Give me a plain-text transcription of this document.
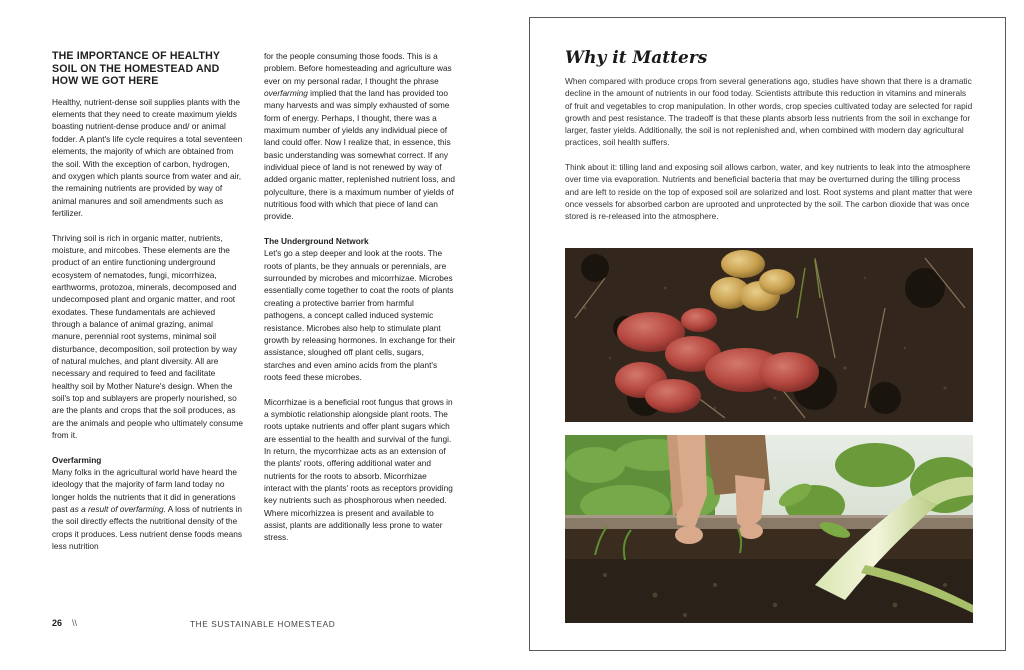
THE IMPORTANCE OF HEALTHY SOIL ON THE HOMESTEAD AND HOW WE GOT HERE

Healthy, nutrient-dense soil supplies plants with the elements that they need to create maximum yields boasting nutrient-dense produce and/ or animal fodder. A plant's life cycle requires a total seventeen elements, the majority of which are obtained from the soil. With the exception of carbon, hydrogen, and oxygen which plants source from water and air, the remaining nutrients are provided by way of animal manures and soil amendments such as fertilizer.

Thriving soil is rich in organic matter, nutrients, moisture, and mircobes. These elements are the product of an entire functioning underground ecosystem of nematodes, fungi, micorrhizea, earthworms, protozoa, minerals, decomposed and undecomposed plant and organic matter, and root exodates. These fundamentals are achieved through a balance of animal grazing, animal manure, perennial root systems, minimal soil disturbance, decomposition, soil protection by way of natural mulches, and plant diversity. All are necessary and required to feed and facilitate healthy soil by Mother Nature's design. When the soil's top and sublayers are properly nourished, so are the plants and crops that the soil produces, as are the animals and people who ultimately consume from it.

Overfarming

Many folks in the agricultural world have heard the ideology that the majority of farm land today no longer holds the nutrients that it did in generations past as a result of overfarming. A loss of nutrients in the soil directly effects the nutritional density of the crops it produces. Less nutrient dense foods means less nutrition

for the people consuming those foods. This is a problem. Before homesteading and agriculture was ever on my personal radar, I thought the phrase overfarming implied that the land has provided too many harvests and was simply exhausted of some form of energy. Perhaps, I thought, there was a maximum number of yields any individual piece of land could offer. Now I realize that, in essence, this basic understanding was somewhat correct. If any individual piece of land is not renewed by way of added organic matter, replenished nutrient loss, and polyculture, there is a maximum number of yields of nutritious food with which that piece of land can provide.

The Underground Network

Let's go a step deeper and look at the roots. The roots of plants, be they annuals or perennials, are surrounded by microbes and micorrhizae. Microbes essentially come together to coat the roots of plants creating a protective barrier from harmful pathogens, a concept called induced systemic resistance. Microbes also help to stimulate plant growth by releasing hormones. In exchange for their assistance, sloughed off plant cells, sugars, starches and even amino acids from the plant's roots feed these microbes.

Micorrhizae is a beneficial root fungus that grows in a symbiotic relationship alongside plant roots. The roots uptake nutrients and offer plant sugars which are essential to the health and survival of the fungi. In return, the mycorrhizae acts as an extension of the plants' roots, offering additional water and nutrients for the roots to absorb. Micorrhizae interact with the plants' roots as receptors providing key nutrients such as phosphorous when needed. Where micorhizzea is present and available to assist, plants are additionally less prone to water stress.

26 \\	THE SUSTAINABLE HOMESTEAD
Why it Matters

When compared with produce crops from several generations ago, studies have shown that there is a dramatic decline in the amount of nutrients in our food today. Scientists attribute this reduction in vitamins and minerals of fruit and vegetables to crop manipulation. In other words, crop species cultivated today are selected for rapid growth and pest resistance. The tradeoff is that these plants absorb less nutrients from the soil in exchange for larger, faster yields. Additionally, the soil is not replenished and, when combined with modern day agricultural practices, soil health suffers.

Think about it: tilling land and exposing soil allows carbon, water, and key nutrients to leak into the atmosphere over time via evaporation. Nutrients and beneficial bacteria that may be overturned during the tilling process and are left to reside on the top of exposed soil are solarized and lost. Root systems and plant matter that were once vessels for absorbed carbon are uprooted and unprotected by the soil. The carbon dioxide that was once stored is re-released into the atmosphere.
